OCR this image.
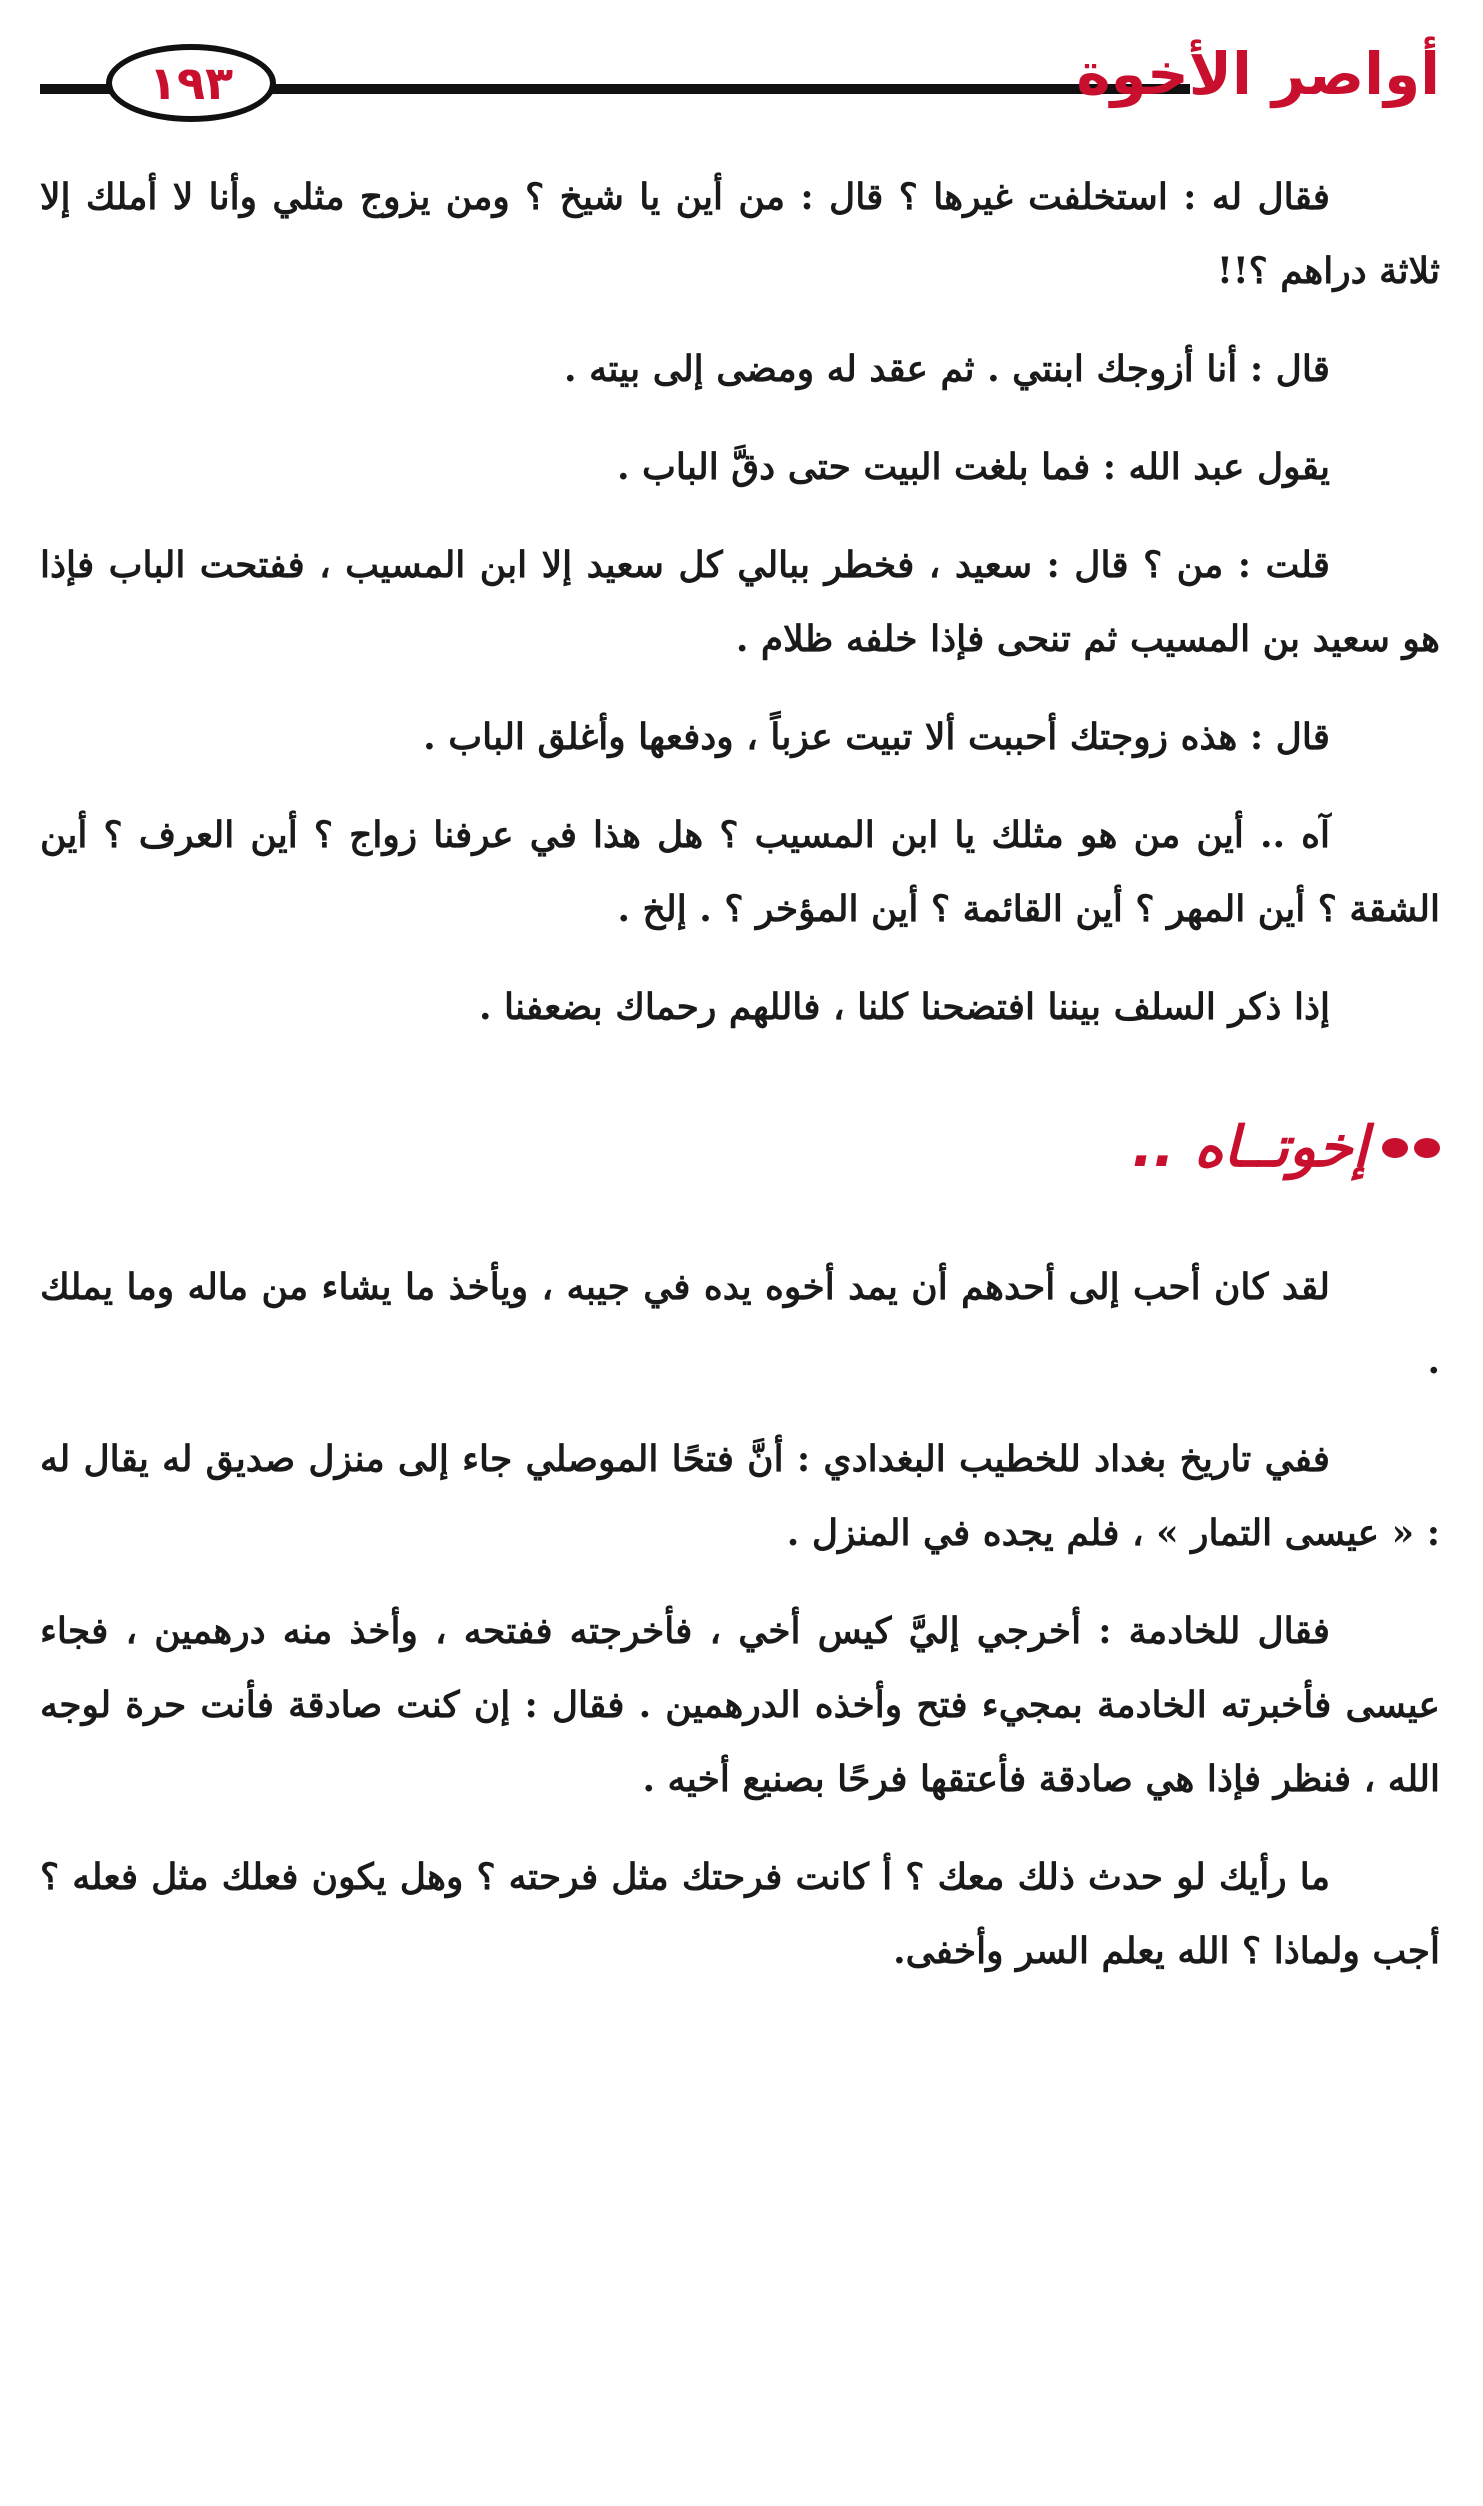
١٩٣	أواصر الأخوة

فقال له : استخلفت غيرها ؟ قال : من أين يا شيخ ؟ ومن يزوج مثلي وأنا لا أملك إلا ثلاثة دراهم ؟!!

قال : أنا أزوجك ابنتي . ثم عقد له ومضى إلى بيته .

يقول عبد الله : فما بلغت البيت حتى دقَّ الباب .

قلت : من ؟ قال : سعيد ، فخطر ببالي كل سعيد إلا ابن المسيب ، ففتحت الباب فإذا هو سعيد بن المسيب ثم تنحى فإذا خلفه ظلام .

قال : هذه زوجتك أحببت ألا تبيت عزباً ، ودفعها وأغلق الباب .

آه .. أين من هو مثلك يا ابن المسيب ؟ هل هذا في عرفنا زواج ؟ أين العرف ؟ أين الشقة ؟ أين المهر ؟ أين القائمة ؟ أين المؤخر ؟ . إلخ .

إذا ذكر السلف بيننا افتضحنا كلنا ، فاللهم رحماك بضعفنا .

إخوتــاه ..

لقد كان أحب إلى أحدهم أن يمد أخوه يده في جيبه ، ويأخذ ما يشاء من ماله وما يملك .

ففي تاريخ بغداد للخطيب البغدادي : أنَّ فتحًا الموصلي جاء إلى منزل صديق له يقال له : « عيسى التمار » ، فلم يجده في المنزل .

فقال للخادمة : أخرجي إليَّ كيس أخي ، فأخرجته ففتحه ، وأخذ منه درهمين ، فجاء عيسى فأخبرته الخادمة بمجيء فتح وأخذه الدرهمين . فقال : إن كنت صادقة فأنت حرة لوجه الله ، فنظر فإذا هي صادقة فأعتقها فرحًا بصنيع أخيه .

ما رأيك لو حدث ذلك معك ؟ أ كانت فرحتك مثل فرحته ؟ وهل يكون فعلك مثل فعله ؟ أجب ولماذا ؟ الله يعلم السر وأخفى.
